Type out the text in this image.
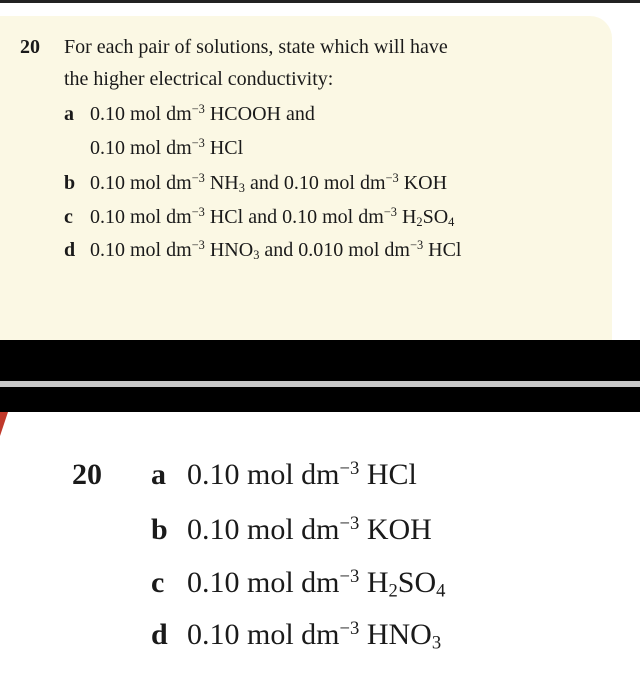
20 For each pair of solutions, state which will have
the higher electrical conductivity:
a 0.10 mol $dm^{-3}$ HCOOH and
0.10 mol $dm^{-3}$ HCl
b 0.10 mol $dm^{-3}$ $NH_3$ and 0.10 mol $dm^{-3}$ KOH
c 0.10 mol $dm^{-3}$ HCl and 0.10 mol $dm^{-3}$ $H_2SO_4$
d 0.10 mol $dm^{-3}$ $HNO_3$ and 0.010 mol $dm^{-3}$ HCl
20 a 0.10 mol $dm^{-3}$ HCl
b 0.10 mol $dm^{-3}$ KOH
c 0.10 mol $dm^{-3}$ $H_2SO_4$
d 0.10 mol $dm^{-3}$ $HNO_3$
